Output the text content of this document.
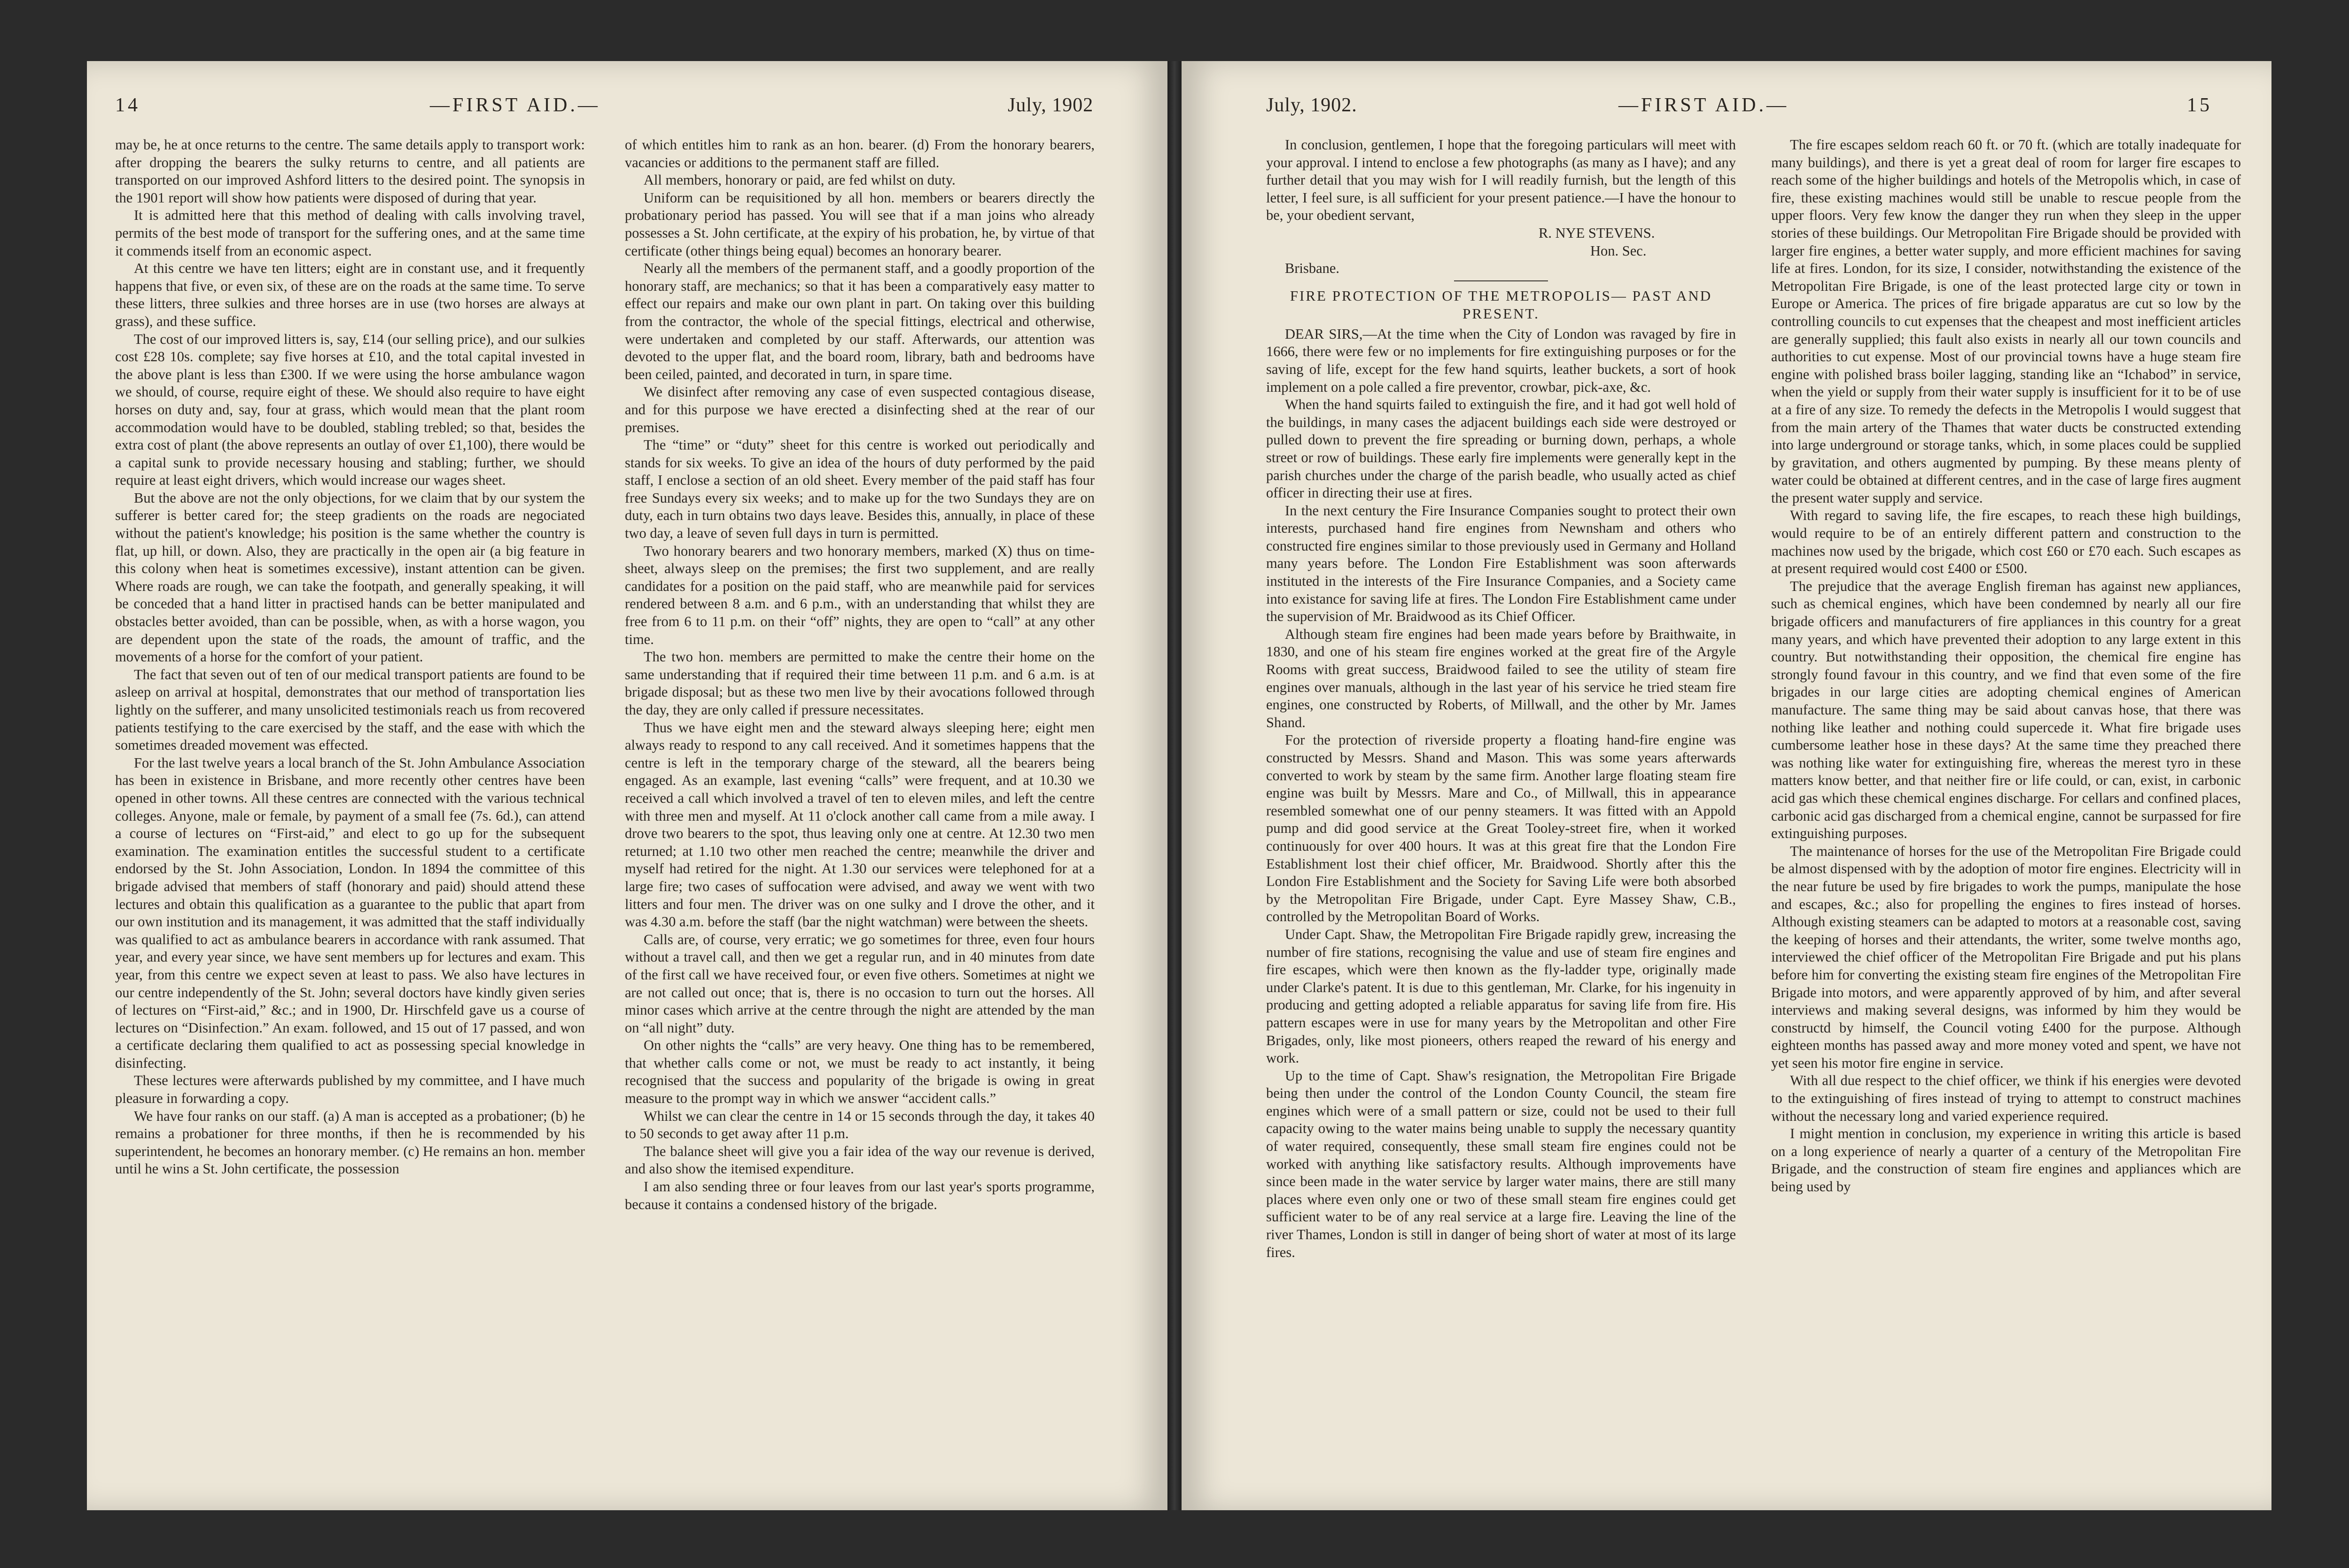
14	—FIRST AID.—	July, 1902

may be, he at once returns to the centre. The same details apply to transport work: after dropping the bearers the sulky returns to centre, and all patients are transported on our improved Ashford litters to the desired point. The synopsis in the 1901 report will show how patients were disposed of during that year.

It is admitted here that this method of dealing with calls involving travel, permits of the best mode of transport for the suffering ones, and at the same time it commends itself from an economic aspect.

At this centre we have ten litters; eight are in constant use, and it frequently happens that five, or even six, of these are on the roads at the same time. To serve these litters, three sulkies and three horses are in use (two horses are always at grass), and these suffice.

The cost of our improved litters is, say, £14 (our selling price), and our sulkies cost £28 10s. complete; say five horses at £10, and the total capital invested in the above plant is less than £300. If we were using the horse ambulance wagon we should, of course, require eight of these. We should also require to have eight horses on duty and, say, four at grass, which would mean that the plant room accommodation would have to be doubled, stabling trebled; so that, besides the extra cost of plant (the above represents an outlay of over £1,100), there would be a capital sunk to provide necessary housing and stabling; further, we should require at least eight drivers, which would increase our wages sheet.

But the above are not the only objections, for we claim that by our system the sufferer is better cared for; the steep gradients on the roads are negociated without the patient's knowledge; his position is the same whether the country is flat, up hill, or down. Also, they are practically in the open air (a big feature in this colony when heat is sometimes excessive), instant attention can be given. Where roads are rough, we can take the footpath, and generally speaking, it will be conceded that a hand litter in practised hands can be better manipulated and obstacles better avoided, than can be possible, when, as with a horse wagon, you are dependent upon the state of the roads, the amount of traffic, and the movements of a horse for the comfort of your patient.

The fact that seven out of ten of our medical transport patients are found to be asleep on arrival at hospital, demonstrates that our method of transportation lies lightly on the sufferer, and many unsolicited testimonials reach us from recovered patients testifying to the care exercised by the staff, and the ease with which the sometimes dreaded movement was effected.

For the last twelve years a local branch of the St. John Ambulance Association has been in existence in Brisbane, and more recently other centres have been opened in other towns. All these centres are connected with the various technical colleges. Anyone, male or female, by payment of a small fee (7s. 6d.), can attend a course of lectures on “First-aid,” and elect to go up for the subsequent examination. The examination entitles the successful student to a certificate endorsed by the St. John Association, London. In 1894 the committee of this brigade advised that members of staff (honorary and paid) should attend these lectures and obtain this qualification as a guarantee to the public that apart from our own institution and its management, it was admitted that the staff individually was qualified to act as ambulance bearers in accordance with rank assumed. That year, and every year since, we have sent members up for lectures and exam. This year, from this centre we expect seven at least to pass. We also have lectures in our centre independently of the St. John; several doctors have kindly given series of lectures on “First-aid,” &c.; and in 1900, Dr. Hirschfeld gave us a course of lectures on “Disinfection.” An exam. followed, and 15 out of 17 passed, and won a certificate declaring them qualified to act as possessing special knowledge in disinfecting.

These lectures were afterwards published by my committee, and I have much pleasure in forwarding a copy.

We have four ranks on our staff. (a) A man is accepted as a probationer; (b) he remains a probationer for three months, if then he is recommended by his superintendent, he becomes an honorary member. (c) He remains an hon. member until he wins a St. John certificate, the possession

of which entitles him to rank as an hon. bearer. (d) From the honorary bearers, vacancies or additions to the permanent staff are filled.

All members, honorary or paid, are fed whilst on duty.

Uniform can be requisitioned by all hon. members or bearers directly the probationary period has passed. You will see that if a man joins who already possesses a St. John certificate, at the expiry of his probation, he, by virtue of that certificate (other things being equal) becomes an honorary bearer.

Nearly all the members of the permanent staff, and a goodly proportion of the honorary staff, are mechanics; so that it has been a comparatively easy matter to effect our repairs and make our own plant in part. On taking over this building from the contractor, the whole of the special fittings, electrical and otherwise, were undertaken and completed by our staff. Afterwards, our attention was devoted to the upper flat, and the board room, library, bath and bedrooms have been ceiled, painted, and decorated in turn, in spare time.

We disinfect after removing any case of even suspected contagious disease, and for this purpose we have erected a disinfecting shed at the rear of our premises.

The “time” or “duty” sheet for this centre is worked out periodically and stands for six weeks. To give an idea of the hours of duty performed by the paid staff, I enclose a section of an old sheet. Every member of the paid staff has four free Sundays every six weeks; and to make up for the two Sundays they are on duty, each in turn obtains two days leave. Besides this, annually, in place of these two day, a leave of seven full days in turn is permitted.

Two honorary bearers and two honorary members, marked (X) thus on time-sheet, always sleep on the premises; the first two supplement, and are really candidates for a position on the paid staff, who are meanwhile paid for services rendered between 8 a.m. and 6 p.m., with an understanding that whilst they are free from 6 to 11 p.m. on their “off” nights, they are open to “call” at any other time.

The two hon. members are permitted to make the centre their home on the same understanding that if required their time between 11 p.m. and 6 a.m. is at brigade disposal; but as these two men live by their avocations followed through the day, they are only called if pressure necessitates.

Thus we have eight men and the steward always sleeping here; eight men always ready to respond to any call received. And it sometimes happens that the centre is left in the temporary charge of the steward, all the bearers being engaged. As an example, last evening “calls” were frequent, and at 10.30 we received a call which involved a travel of ten to eleven miles, and left the centre with three men and myself. At 11 o'clock another call came from a mile away. I drove two bearers to the spot, thus leaving only one at centre. At 12.30 two men returned; at 1.10 two other men reached the centre; meanwhile the driver and myself had retired for the night. At 1.30 our services were telephoned for at a large fire; two cases of suffocation were advised, and away we went with two litters and four men. The driver was on one sulky and I drove the other, and it was 4.30 a.m. before the staff (bar the night watchman) were between the sheets.

Calls are, of course, very erratic; we go sometimes for three, even four hours without a travel call, and then we get a regular run, and in 40 minutes from date of the first call we have received four, or even five others. Sometimes at night we are not called out once; that is, there is no occasion to turn out the horses. All minor cases which arrive at the centre through the night are attended by the man on “all night” duty.

On other nights the “calls” are very heavy. One thing has to be remembered, that whether calls come or not, we must be ready to act instantly, it being recognised that the success and popularity of the brigade is owing in great measure to the prompt way in which we answer “accident calls.”

Whilst we can clear the centre in 14 or 15 seconds through the day, it takes 40 to 50 seconds to get away after 11 p.m.

The balance sheet will give you a fair idea of the way our revenue is derived, and also show the itemised expenditure.

I am also sending three or four leaves from our last year's sports programme, because it contains a condensed history of the brigade.

July, 1902.	—FIRST AID.—	15

In conclusion, gentlemen, I hope that the foregoing particulars will meet with your approval. I intend to enclose a few photographs (as many as I have); and any further detail that you may wish for I will readily furnish, but the length of this letter, I feel sure, is all sufficient for your present patience.—I have the honour to be, your obedient servant,

R. NYE STEVENS.

Hon. Sec.

Brisbane.

FIRE PROTECTION OF THE METROPOLIS— PAST AND PRESENT.

DEAR SIRS,—At the time when the City of London was ravaged by fire in 1666, there were few or no implements for fire extinguishing purposes or for the saving of life, except for the few hand squirts, leather buckets, a sort of hook implement on a pole called a fire preventor, crowbar, pick-axe, &c.

When the hand squirts failed to extinguish the fire, and it had got well hold of the buildings, in many cases the adjacent buildings each side were destroyed or pulled down to prevent the fire spreading or burning down, perhaps, a whole street or row of buildings. These early fire implements were generally kept in the parish churches under the charge of the parish beadle, who usually acted as chief officer in directing their use at fires.

In the next century the Fire Insurance Companies sought to protect their own interests, purchased hand fire engines from Newnsham and others who constructed fire engines similar to those previously used in Germany and Holland many years before. The London Fire Establishment was soon afterwards instituted in the interests of the Fire Insurance Companies, and a Society came into existance for saving life at fires. The London Fire Establishment came under the supervision of Mr. Braidwood as its Chief Officer.

Although steam fire engines had been made years before by Braithwaite, in 1830, and one of his steam fire engines worked at the great fire of the Argyle Rooms with great success, Braidwood failed to see the utility of steam fire engines over manuals, although in the last year of his service he tried steam fire engines, one constructed by Roberts, of Millwall, and the other by Mr. James Shand.

For the protection of riverside property a floating hand-fire engine was constructed by Messrs. Shand and Mason. This was some years afterwards converted to work by steam by the same firm. Another large floating steam fire engine was built by Messrs. Mare and Co., of Millwall, this in appearance resembled somewhat one of our penny steamers. It was fitted with an Appold pump and did good service at the Great Tooley-street fire, when it worked continuously for over 400 hours. It was at this great fire that the London Fire Establishment lost their chief officer, Mr. Braidwood. Shortly after this the London Fire Establishment and the Society for Saving Life were both absorbed by the Metropolitan Fire Brigade, under Capt. Eyre Massey Shaw, C.B., controlled by the Metropolitan Board of Works.

Under Capt. Shaw, the Metropolitan Fire Brigade rapidly grew, increasing the number of fire stations, recognising the value and use of steam fire engines and fire escapes, which were then known as the fly-ladder type, originally made under Clarke's patent. It is due to this gentleman, Mr. Clarke, for his ingenuity in producing and getting adopted a reliable apparatus for saving life from fire. His pattern escapes were in use for many years by the Metropolitan and other Fire Brigades, only, like most pioneers, others reaped the reward of his energy and work.

Up to the time of Capt. Shaw's resignation, the Metropolitan Fire Brigade being then under the control of the London County Council, the steam fire engines which were of a small pattern or size, could not be used to their full capacity owing to the water mains being unable to supply the necessary quantity of water required, consequently, these small steam fire engines could not be worked with anything like satisfactory results. Although improvements have since been made in the water service by larger water mains, there are still many places where even only one or two of these small steam fire engines could get sufficient water to be of any real service at a large fire. Leaving the line of the river Thames, London is still in danger of being short of water at most of its large fires.

The fire escapes seldom reach 60 ft. or 70 ft. (which are totally inadequate for many buildings), and there is yet a great deal of room for larger fire escapes to reach some of the higher buildings and hotels of the Metropolis which, in case of fire, these existing machines would still be unable to rescue people from the upper floors. Very few know the danger they run when they sleep in the upper stories of these buildings. Our Metropolitan Fire Brigade should be provided with larger fire engines, a better water supply, and more efficient machines for saving life at fires. London, for its size, I consider, notwithstanding the existence of the Metropolitan Fire Brigade, is one of the least protected large city or town in Europe or America. The prices of fire brigade apparatus are cut so low by the controlling councils to cut expenses that the cheapest and most inefficient articles are generally supplied; this fault also exists in nearly all our town councils and authorities to cut expense. Most of our provincial towns have a huge steam fire engine with polished brass boiler lagging, standing like an “Ichabod” in service, when the yield or supply from their water supply is insufficient for it to be of use at a fire of any size. To remedy the defects in the Metropolis I would suggest that from the main artery of the Thames that water ducts be constructed extending into large underground or storage tanks, which, in some places could be supplied by gravitation, and others augmented by pumping. By these means plenty of water could be obtained at different centres, and in the case of large fires augment the present water supply and service.

With regard to saving life, the fire escapes, to reach these high buildings, would require to be of an entirely different pattern and construction to the machines now used by the brigade, which cost £60 or £70 each. Such escapes as at present required would cost £400 or £500.

The prejudice that the average English fireman has against new appliances, such as chemical engines, which have been condemned by nearly all our fire brigade officers and manufacturers of fire appliances in this country for a great many years, and which have prevented their adoption to any large extent in this country. But notwithstanding their opposition, the chemical fire engine has strongly found favour in this country, and we find that even some of the fire brigades in our large cities are adopting chemical engines of American manufacture. The same thing may be said about canvas hose, that there was nothing like leather and nothing could supercede it. What fire brigade uses cumbersome leather hose in these days? At the same time they preached there was nothing like water for extinguishing fire, whereas the merest tyro in these matters know better, and that neither fire or life could, or can, exist, in carbonic acid gas which these chemical engines discharge. For cellars and confined places, carbonic acid gas discharged from a chemical engine, cannot be surpassed for fire extinguishing purposes.

The maintenance of horses for the use of the Metropolitan Fire Brigade could be almost dispensed with by the adoption of motor fire engines. Electricity will in the near future be used by fire brigades to work the pumps, manipulate the hose and escapes, &c.; also for propelling the engines to fires instead of horses. Although existing steamers can be adapted to motors at a reasonable cost, saving the keeping of horses and their attendants, the writer, some twelve months ago, interviewed the chief officer of the Metropolitan Fire Brigade and put his plans before him for converting the existing steam fire engines of the Metropolitan Fire Brigade into motors, and were apparently approved of by him, and after several interviews and making several designs, was informed by him they would be constructd by himself, the Council voting £400 for the purpose. Although eighteen months has passed away and more money voted and spent, we have not yet seen his motor fire engine in service.

With all due respect to the chief officer, we think if his energies were devoted to the extinguishing of fires instead of trying to attempt to construct machines without the necessary long and varied experience required.

I might mention in conclusion, my experience in writing this article is based on a long experience of nearly a quarter of a century of the Metropolitan Fire Brigade, and the construction of steam fire engines and appliances which are being used by
